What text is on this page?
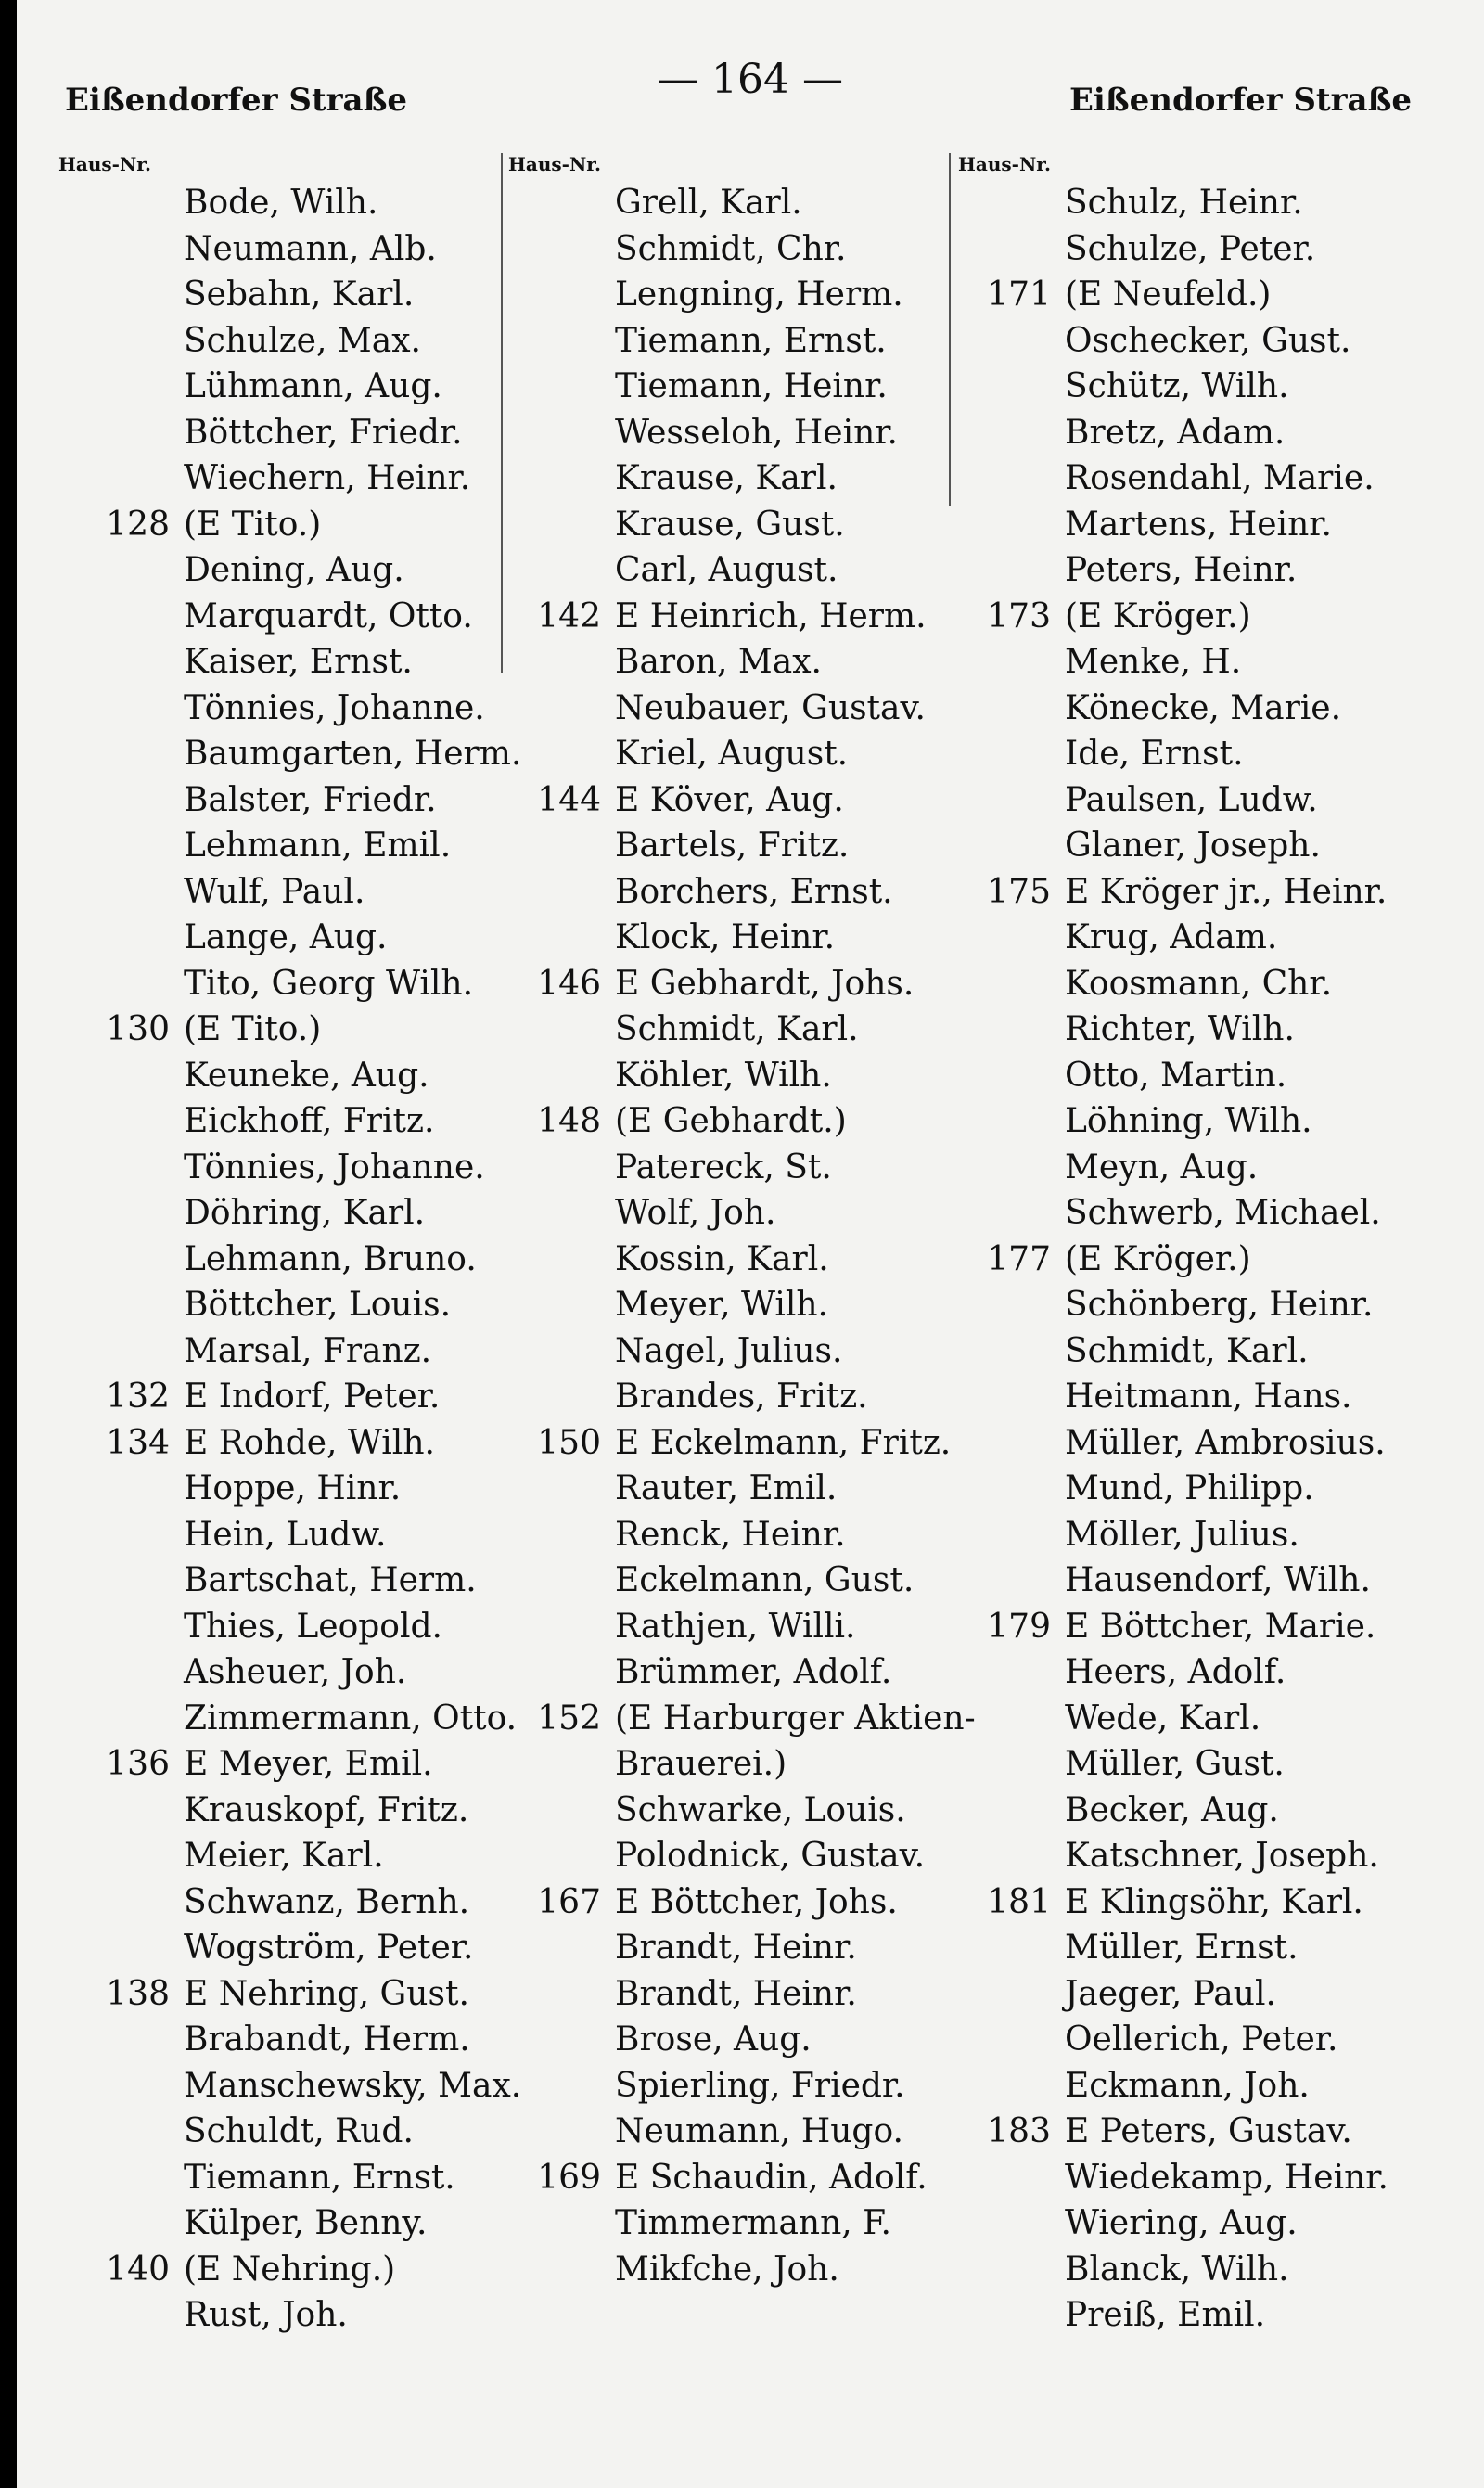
— 164 —
Eißendorfer Straße	Eißendorfer Straße
Haus-Nr.
Bode, Wilh.
Neumann, Alb.
Sebahn, Karl.
Schulze, Max.
Lühmann, Aug.
Böttcher, Friedr.
Wiechern, Heinr.
128 (E Tito.)
Dening, Aug.
Marquardt, Otto.
Kaiser, Ernst.
Tönnies, Johanne.
Baumgarten, Herm.
Balster, Friedr.
Lehmann, Emil.
Wulf, Paul.
Lange, Aug.
Tito, Georg Wilh.
130 (E Tito.)
Keuneke, Aug.
Eickhoff, Fritz.
Tönnies, Johanne.
Döhring, Karl.
Lehmann, Bruno.
Böttcher, Louis.
Marsal, Franz.
132 E Indorf, Peter.
134 E Rohde, Wilh.
Hoppe, Hinr.
Hein, Ludw.
Bartschat, Herm.
Thies, Leopold.
Asheuer, Joh.
Zimmermann, Otto.
136 E Meyer, Emil.
Krauskopf, Fritz.
Meier, Karl.
Schwanz, Bernh.
Wogström, Peter.
138 E Nehring, Gust.
Brabandt, Herm.
Manschewsky, Max.
Schuldt, Rud.
Tiemann, Ernst.
Külper, Benny.
140 (E Nehring.)
Rust, Joh.
Haus-Nr.
Grell, Karl.
Schmidt, Chr.
Lengning, Herm.
Tiemann, Ernst.
Tiemann, Heinr.
Wesseloh, Heinr.
Krause, Karl.
Krause, Gust.
Carl, August.
142 E Heinrich, Herm.
Baron, Max.
Neubauer, Gustav.
Kriel, August.
144 E Köver, Aug.
Bartels, Fritz.
Borchers, Ernst.
Klock, Heinr.
146 E Gebhardt, Johs.
Schmidt, Karl.
Köhler, Wilh.
148 (E Gebhardt.)
Patereck, St.
Wolf, Joh.
Kossin, Karl.
Meyer, Wilh.
Nagel, Julius.
Brandes, Fritz.
150 E Eckelmann, Fritz.
Rauter, Emil.
Renck, Heinr.
Eckelmann, Gust.
Rathjen, Willi.
Brümmer, Adolf.
152 (E Harburger Aktien-
Brauerei.)
Schwarke, Louis.
Polodnick, Gustav.
167 E Böttcher, Johs.
Brandt, Heinr.
Brandt, Heinr.
Brose, Aug.
Spierling, Friedr.
Neumann, Hugo.
169 E Schaudin, Adolf.
Timmermann, F.
Mikfche, Joh.
Haus-Nr.
Schulz, Heinr.
Schulze, Peter.
171 (E Neufeld.)
Oschecker, Gust.
Schütz, Wilh.
Bretz, Adam.
Rosendahl, Marie.
Martens, Heinr.
Peters, Heinr.
173 (E Kröger.)
Menke, H.
Könecke, Marie.
Ide, Ernst.
Paulsen, Ludw.
Glaner, Joseph.
175 E Kröger jr., Heinr.
Krug, Adam.
Koosmann, Chr.
Richter, Wilh.
Otto, Martin.
Löhning, Wilh.
Meyn, Aug.
Schwerb, Michael.
177 (E Kröger.)
Schönberg, Heinr.
Schmidt, Karl.
Heitmann, Hans.
Müller, Ambrosius.
Mund, Philipp.
Möller, Julius.
Hausendorf, Wilh.
179 E Böttcher, Marie.
Heers, Adolf.
Wede, Karl.
Müller, Gust.
Becker, Aug.
Katschner, Joseph.
181 E Klingsöhr, Karl.
Müller, Ernst.
Jaeger, Paul.
Oellerich, Peter.
Eckmann, Joh.
183 E Peters, Gustav.
Wiedekamp, Heinr.
Wiering, Aug.
Blanck, Wilh.
Preiß, Emil.
